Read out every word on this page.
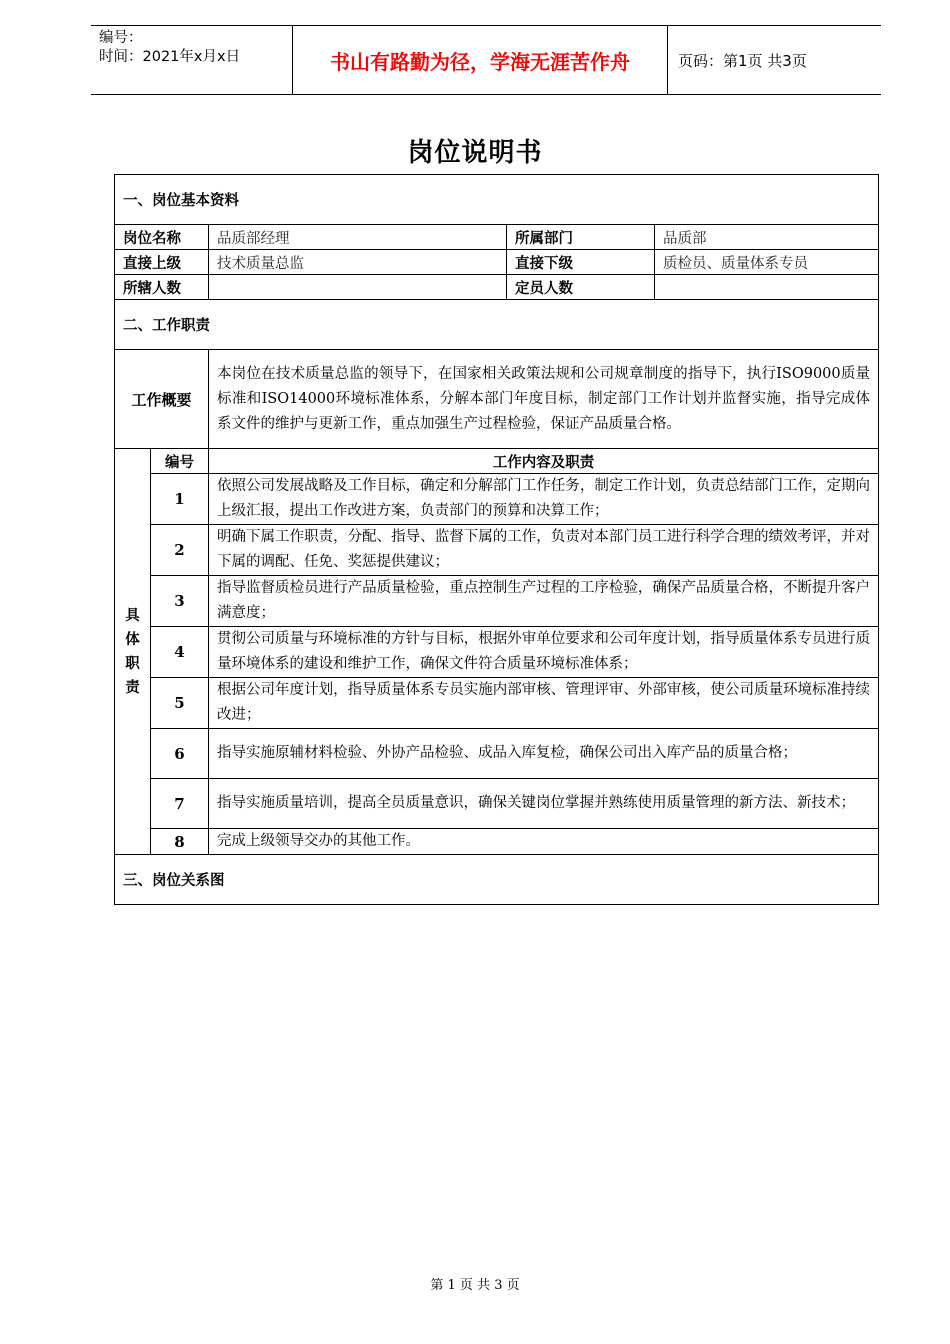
编号：
时间：2021年x月x日	书山有路勤为径，学海无涯苦作舟	页码：第1页 共3页
岗位说明书
一、岗位基本资料				
岗位名称		品质部经理	所属部门	品质部
直接上级		技术质量总监	直接下级	质检员、质量体系专员
所辖人数			定员人数	
二、工作职责				
工作概要		本岗位在技术质量总监的领导下，在国家相关政策法规和公司规章制度的指导下，执行ISO9000质量标准和ISO14000环境标准体系，分解本部门年度目标，制定部门工作计划并监督实施，指导完成体系文件的维护与更新工作，重点加强生产过程检验，保证产品质量合格。		

具
体
职
责	编号	工作内容及职责		
	1	依照公司发展战略及工作目标，确定和分解部门工作任务，制定工作计划，负责总结部门工作，定期向上级汇报，提出工作改进方案，负责部门的预算和决算工作；		
	2	明确下属工作职责，分配、指导、监督下属的工作，负责对本部门员工进行科学合理的绩效考评，并对下属的调配、任免、奖惩提供建议；		
	3	指导监督质检员进行产品质量检验，重点控制生产过程的工序检验，确保产品质量合格，不断提升客户满意度；		
	4	贯彻公司质量与环境标准的方针与目标，根据外审单位要求和公司年度计划，指导质量体系专员进行质量环境体系的建设和维护工作，确保文件符合质量环境标准体系；		
	5	根据公司年度计划，指导质量体系专员实施内部审核、管理评审、外部审核，使公司质量环境标准持续改进；		
	6	指导实施原辅材料检验、外协产品检验、成品入库复检，确保公司出入库产品的质量合格；		
	7	指导实施质量培训，提高全员质量意识，确保关键岗位掌握并熟练使用质量管理的新方法、新技术；		
	8	完成上级领导交办的其他工作。		
三、岗位关系图				
第 1 页 共 3 页
